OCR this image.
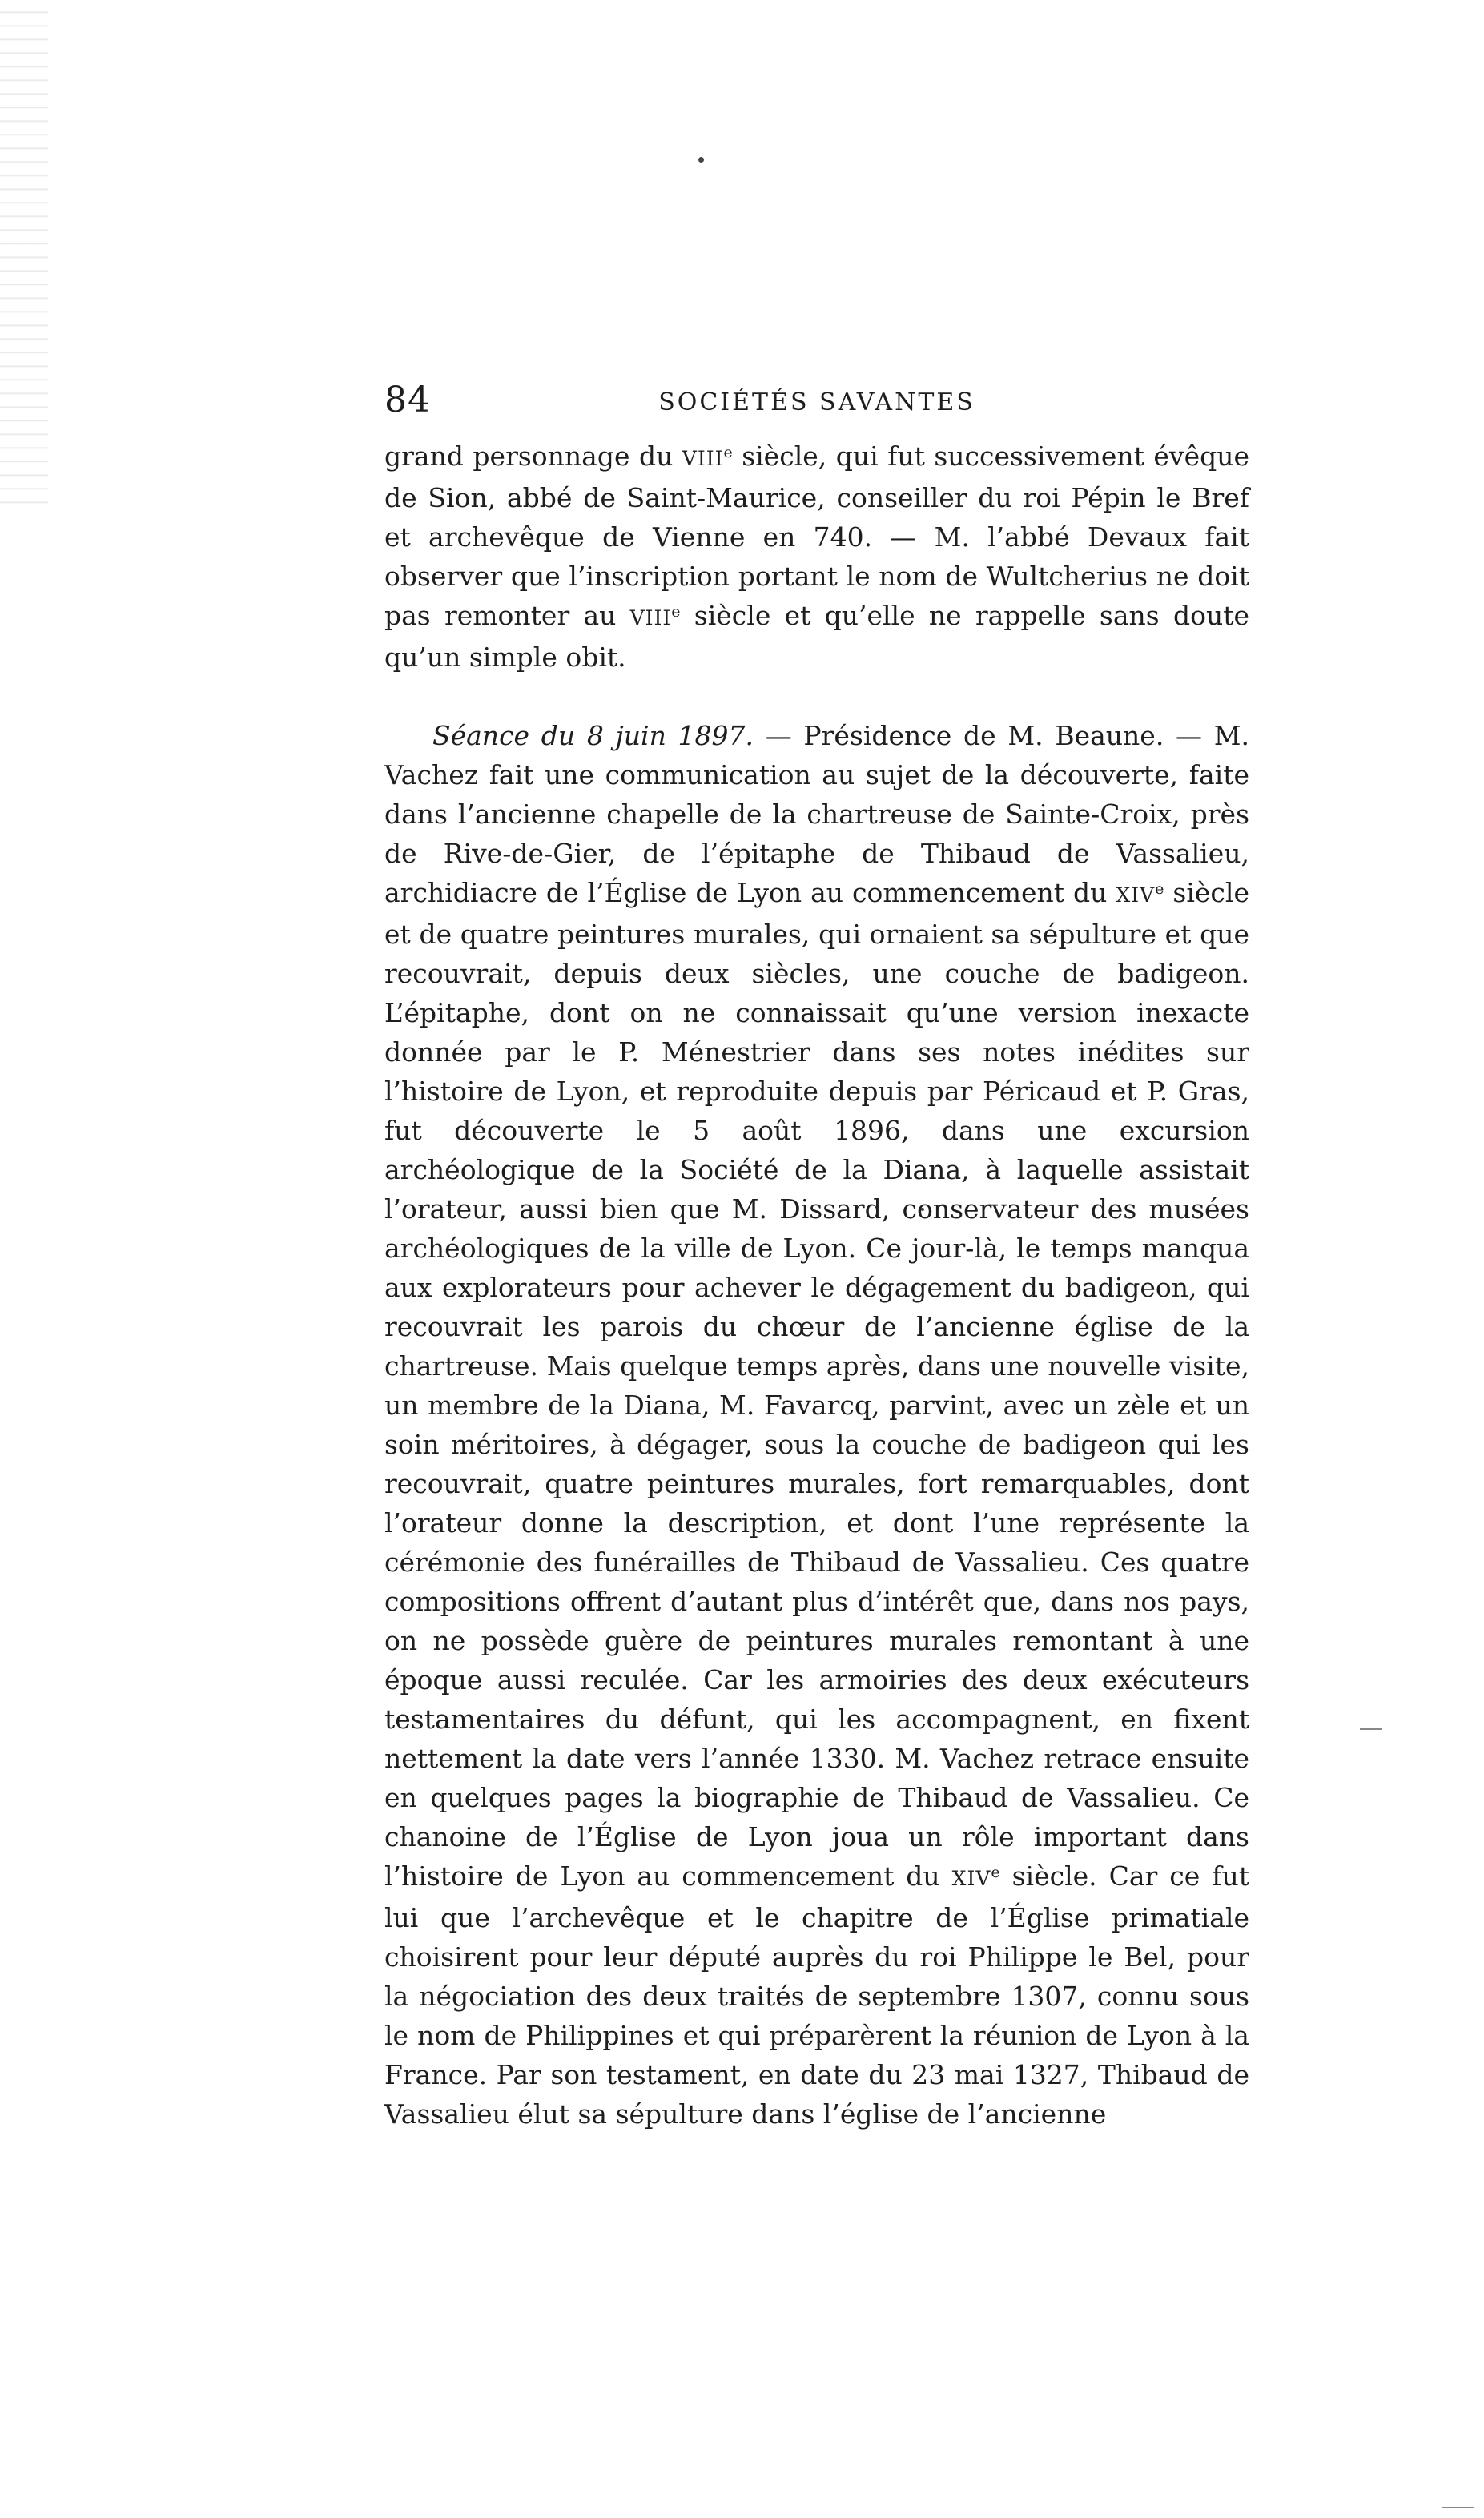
84	SOCIÉTÉS SAVANTES

grand personnage du VIIIe siècle, qui fut successivement évêque de Sion, abbé de Saint-Maurice, conseiller du roi Pépin le Bref et archevêque de Vienne en 740. — M. l’abbé Devaux fait observer que l’inscription portant le nom de Wultcherius ne doit pas remonter au VIIIe siècle et qu’elle ne rappelle sans doute qu’un simple obit.

Séance du 8 juin 1897. — Présidence de M. Beaune. — M. Vachez fait une communication au sujet de la découverte, faite dans l’ancienne chapelle de la chartreuse de Sainte-Croix, près de Rive-de-Gier, de l’épitaphe de Thibaud de Vassalieu, archidiacre de l’Église de Lyon au commencement du XIVe siècle et de quatre peintures murales, qui ornaient sa sépulture et que recouvrait, depuis deux siècles, une couche de badigeon. L’épitaphe, dont on ne connaissait qu’une version inexacte donnée par le P. Ménestrier dans ses notes inédites sur l’histoire de Lyon, et reproduite depuis par Péricaud et P. Gras, fut découverte le 5 août 1896, dans une excursion archéologique de la Société de la Diana, à laquelle assistait l’orateur, aussi bien que M. Dissard, conservateur des musées archéologiques de la ville de Lyon. Ce jour-là, le temps manqua aux explorateurs pour achever le dégagement du badigeon, qui recouvrait les parois du chœur de l’ancienne église de la chartreuse. Mais quelque temps après, dans une nouvelle visite, un membre de la Diana, M. Favarcq, parvint, avec un zèle et un soin méritoires, à dégager, sous la couche de badigeon qui les recouvrait, quatre peintures murales, fort remarquables, dont l’orateur donne la description, et dont l’une représente la cérémonie des funérailles de Thibaud de Vassalieu. Ces quatre compositions offrent d’autant plus d’intérêt que, dans nos pays, on ne possède guère de peintures murales remontant à une époque aussi reculée. Car les armoiries des deux exécuteurs testamentaires du défunt, qui les accompagnent, en fixent nettement la date vers l’année 1330. M. Vachez retrace ensuite en quelques pages la biographie de Thibaud de Vassalieu. Ce chanoine de l’Église de Lyon joua un rôle important dans l’histoire de Lyon au commencement du XIVe siècle. Car ce fut lui que l’archevêque et le chapitre de l’Église primatiale choisirent pour leur député auprès du roi Philippe le Bel, pour la négociation des deux traités de septembre 1307, connu sous le nom de Philippines et qui préparèrent la réunion de Lyon à la France. Par son testament, en date du 23 mai 1327, Thibaud de Vassalieu élut sa sépulture dans l’église de l’ancienne
